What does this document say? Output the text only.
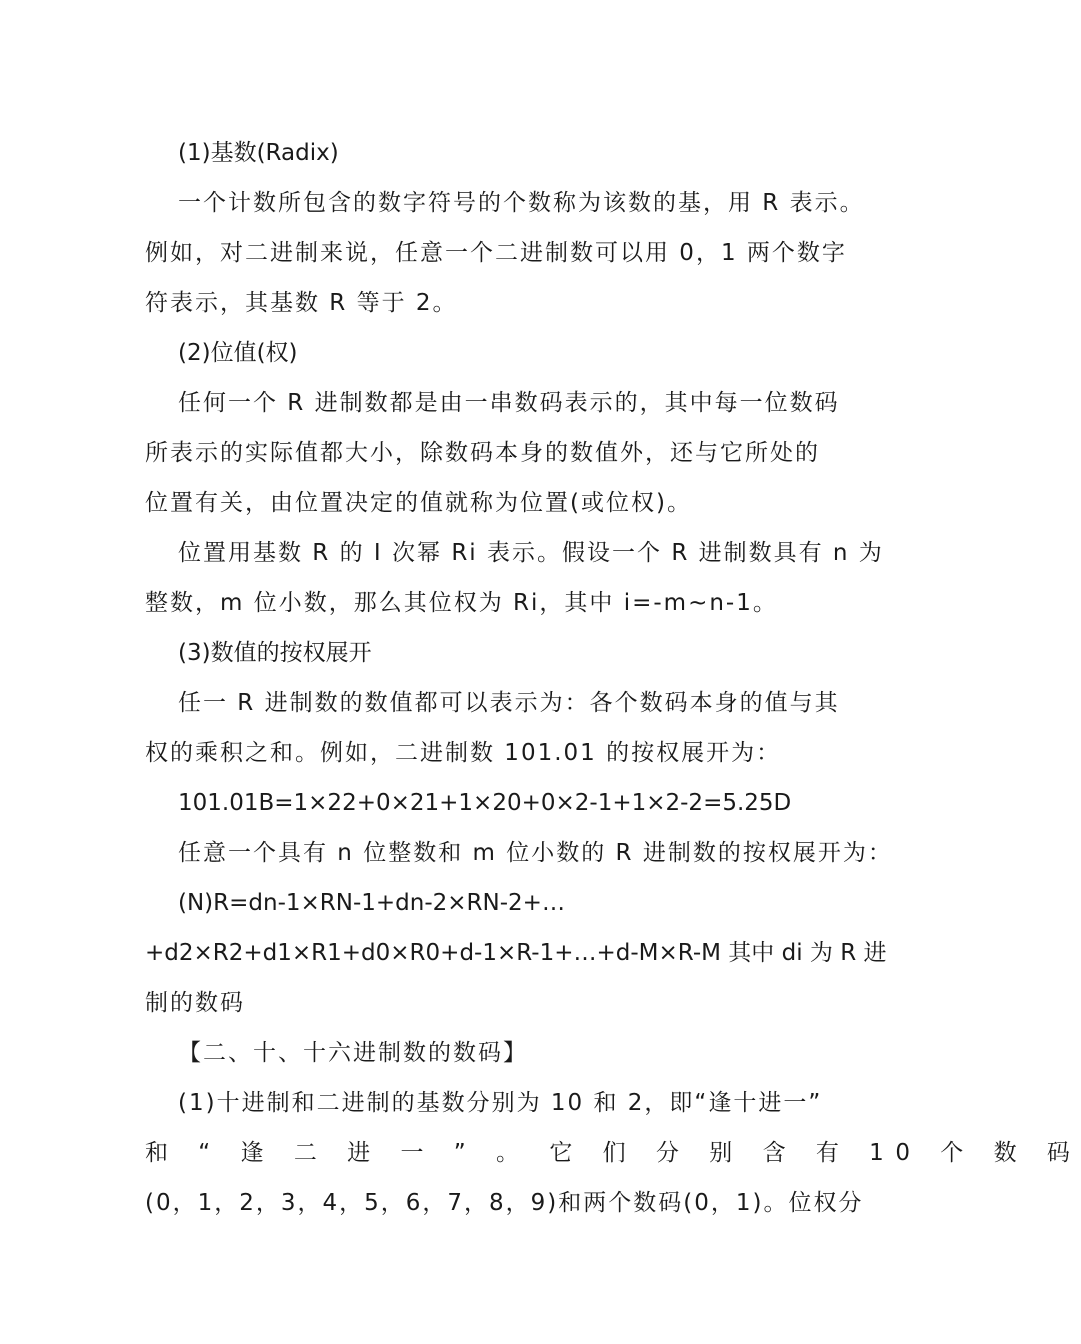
(1)基数(Radix)
一个计数所包含的数字符号的个数称为该数的基，用 R 表示。
例如，对二进制来说，任意一个二进制数可以用 0，1 两个数字
符表示，其基数 R 等于 2。
(2)位值(权)
任何一个 R 进制数都是由一串数码表示的，其中每一位数码
所表示的实际值都大小，除数码本身的数值外，还与它所处的
位置有关，由位置决定的值就称为位置(或位权)。
位置用基数 R 的 I 次幂 Ri 表示。假设一个 R 进制数具有 n 为
整数，m 位小数，那么其位权为 Ri，其中 i=-m~n-1。
(3)数值的按权展开
任一 R 进制数的数值都可以表示为：各个数码本身的值与其
权的乘积之和。例如，二进制数 101.01 的按权展开为：
101.01B=1×22+0×21+1×20+0×2-1+1×2-2=5.25D
任意一个具有 n 位整数和 m 位小数的 R 进制数的按权展开为：
(N)R=dn-1×RN-1+dn-2×RN-2+…
+d2×R2+d1×R1+d0×R0+d-1×R-1+…+d-M×R-M 其中 di 为 R 进
制的数码
【二、十、十六进制数的数码】
(1)十进制和二进制的基数分别为 10 和 2，即“逢十进一”
和 “ 逢 二 进 一 ” 。 它 们 分 别 含 有 10 个 数 码
(0，1，2，3，4，5，6，7，8，9)和两个数码(0，1)。位权分
